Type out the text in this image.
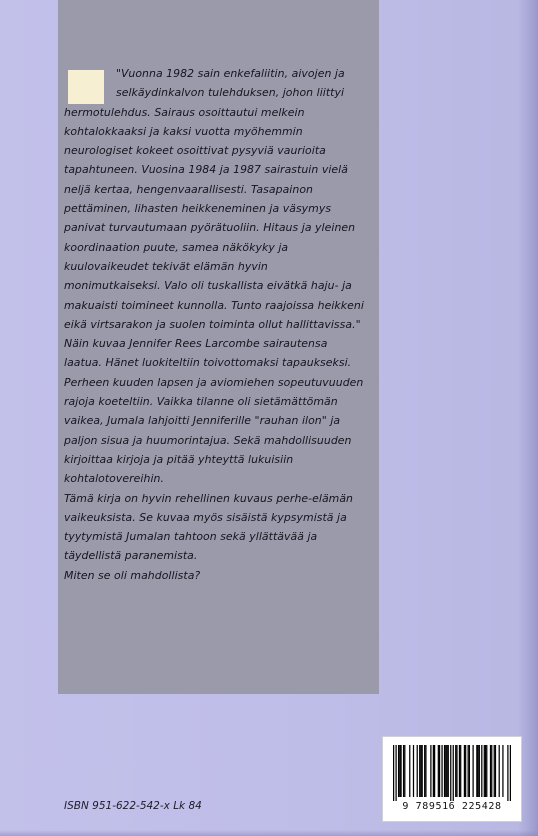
"Vuonna 1982 sain enkefaliitin, aivojen ja
selkäydinkalvon tulehduksen, johon liittyi
hermotulehdus. Sairaus osoittautui melkein
kohtalokkaaksi ja kaksi vuotta myöhemmin
neurologiset kokeet osoittivat pysyviä vaurioita
tapahtuneen. Vuosina 1984 ja 1987 sairastuin vielä
neljä kertaa, hengenvaarallisesti. Tasapainon
pettäminen, lihasten heikkeneminen ja väsymys
panivat turvautumaan pyörätuoliin. Hitaus ja yleinen
koordinaation puute, samea näkökyky ja
kuulovaikeudet tekivät elämän hyvin
monimutkaiseksi. Valo oli tuskallista eivätkä haju- ja
makuaisti toimineet kunnolla. Tunto raajoissa heikkeni
eikä virtsarakon ja suolen toiminta ollut hallittavissa."
Näin kuvaa Jennifer Rees Larcombe sairautensa
laatua. Hänet luokiteltiin toivottomaksi tapaukseksi.
Perheen kuuden lapsen ja aviomiehen sopeutuvuuden
rajoja koeteltiin. Vaikka tilanne oli sietämättömän
vaikea, Jumala lahjoitti Jenniferille "rauhan ilon" ja
paljon sisua ja huumorintajua. Sekä mahdollisuuden
kirjoittaa kirjoja ja pitää yhteyttä lukuisiin
kohtalotovereihin.
Tämä kirja on hyvin rehellinen kuvaus perhe-elämän
vaikeuksista. Se kuvaa myös sisäistä kypsymistä ja
tyytymistä Jumalan tahtoon sekä yllättävää ja
täydellistä paranemista.
Miten se oli mahdollista?
ISBN 951-622-542-x Lk 84	9 789516 225428
